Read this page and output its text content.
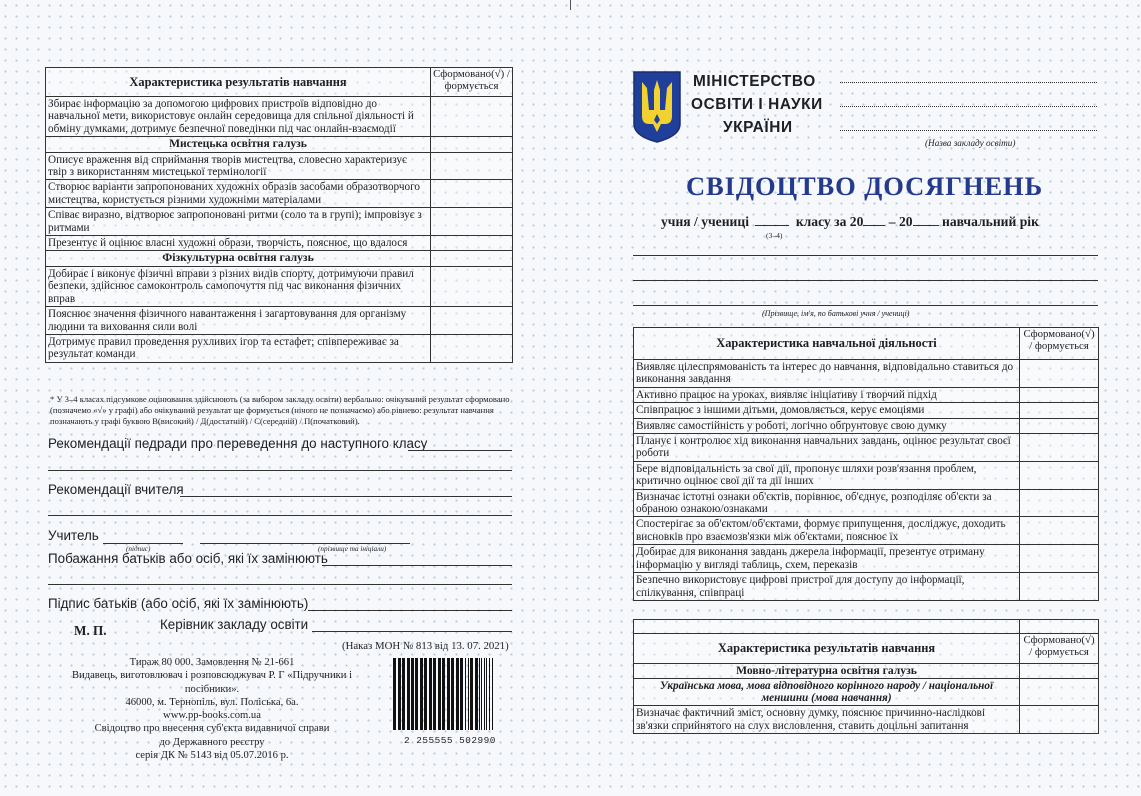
Характеристика результатів навчання	Сформовано(√) / формується
Збирає інформацію за допомогою цифрових пристроїв відповідно до навчальної мети, використовує онлайн середовища для спільної діяльності й обміну думками, дотримує безпечної поведінки під час онлайн-взаємодії	
Мистецька освітня галузь	
Описує враження від сприймання творів мистецтва, словесно характеризує твір з використанням мистецької термінології	
Створює варіанти запропонованих художніх образів засобами образотворчого мистецтва, користується різними художніми матеріалами	
Співає виразно, відтворює запропоновані ритми (соло та в групі); імпровізує з ритмами	
Презентує й оцінює власні художні образи, творчість, пояснює, що вдалося	
Фізкультурна освітня галузь	
Добирає і виконує фізичні вправи з різних видів спорту, дотримуючи правил безпеки, здійснює самоконтроль самопочуття під час виконання фізичних вправ	
Пояснює значення фізичного навантаження і загартовування для організму людини та виховання сили волі	
Дотримує правил проведення рухливих ігор та естафет; співпереживає за результат команди	
* У 3–4 класах підсумкове оцінювання здійснюють (за вибором закладу освіти) вербально: очікуваний результат сформовано (позначемо «√» у графі) або очікуваний результат ще формується (нічого не позначаємо) або рівнево: результат навчання позначають у графі буквою В(високий) / Д(достатній) / С(середній) / П(початковий).
Рекомендації педради про переведення до наступного класу
Рекомендації вчителя
Учитель
(підпис)	(прізвище та ініціали)
Побажання батьків або осіб, які їх замінюють
Підпис батьків (або осіб, які їх замінюють)
М. П.	Керівник закладу освіти
(Наказ МОН № 813 від 13. 07. 2021)
Тираж 80 000. Замовлення № 21-661
Видавець, виготовлювач і розповсюджувач Р. Г «Підручники і посібники».
46000, м. Тернопіль, вул. Поліська, 6а.
www.pp-books.com.ua
Свідоцтво про внесення суб'єкта видавничої справи
до Державного реєстру
серія ДК № 5143 від 05.07.2016 р.
2 255555 502990
МІНІСТЕРСТВО
ОСВІТИ І НАУКИ
УКРАЇНИ
(Назва закладу освіти)
СВІДОЦТВО ДОСЯГНЕНЬ
учня / учениці	класу за 20 – 20 навчальний рік
(3–4)
(Прізвище, ім'я, по батькові учня / учениці)
Характеристика навчальної діяльності	Сформовано(√) / формується
Виявляє цілеспрямованість та інтерес до навчання, відповідально ставиться до виконання завдання	
Активно працює на уроках, виявляє ініціативу і творчий підхід	
Співпрацює з іншими дітьми, домовляється, керує емоціями	
Виявляє самостійність у роботі, логічно обґрунтовує свою думку	
Планує і контролює хід виконання навчальних завдань, оцінює результат своєї роботи	
Бере відповідальність за свої дії, пропонує шляхи розв'язання проблем, критично оцінює свої дії та дії інших	
Визначає істотні ознаки об'єктів, порівнює, об'єднує, розподіляє об'єкти за обраною ознакою/ознаками	
Спостерігає за об'єктом/об'єктами, формує припущення, досліджує, доходить висновків про взаємозв'язки між об'єктами, пояснює їх	
Добирає для виконання завдань джерела інформації, презентує отриману інформацію у вигляді таблиць, схем, переказів	
Безпечно використовує цифрові пристрої для доступу до інформації, спілкування, співпраці	

Характеристика результатів навчання	Сформовано(√) / формується
Мовно-літературна освітня галузь	
Українська мова, мова відповідного корінного народу / національної меншини (мова навчання)	
Визначає фактичний зміст, основну думку, пояснює причинно-наслідкові зв'язки сприйнятого на слух висловлення, ставить доцільні запитання	
